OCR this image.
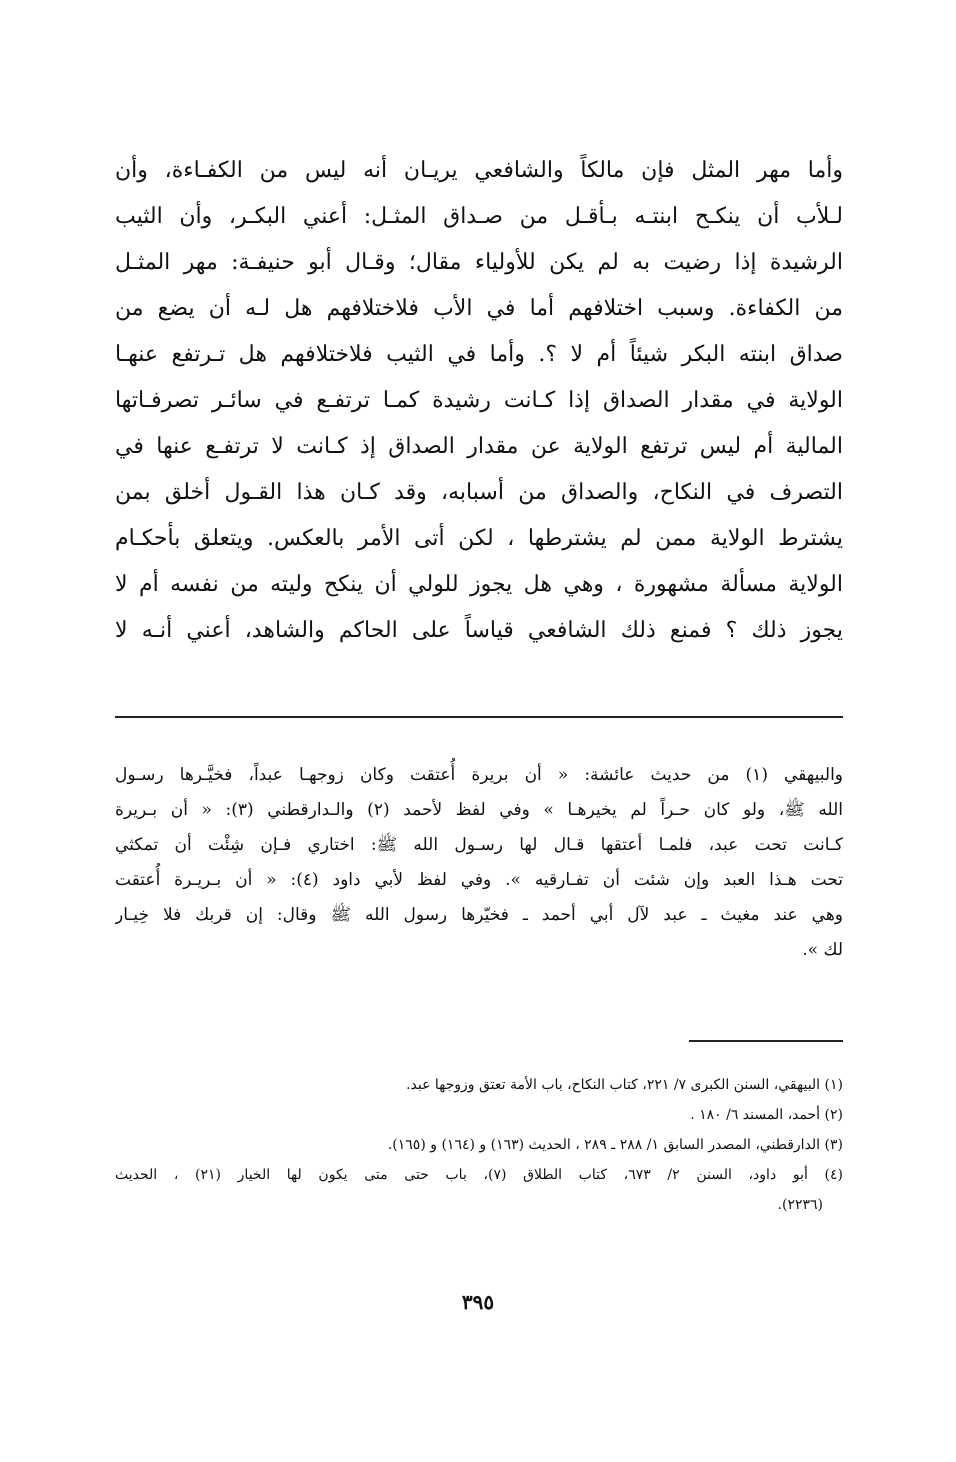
وأما مهر المثل فإن مالكاً والشافعي يريـان أنه ليس من الكفـاءة، وأن
لـلأب أن ينكـح ابنتـه بـأقـل من صـداق المثـل: أعني البكـر، وأن الثيب
الرشيدة إذا رضيت به لم يكن للأولياء مقال؛ وقـال أبو حنيفـة: مهر المثـل
من الكفاءة. وسبب اختلافهم أما في الأب فلاختلافهم هل لـه أن يضع من
صداق ابنته البكر شيئاً أم لا ؟. وأما في الثيب فلاختلافهم هل تـرتفع عنهـا
الولاية في مقدار الصداق إذا كـانت رشيدة كمـا ترتفـع في سائـر تصرفـاتها
المالية أم ليس ترتفع الولاية عن مقدار الصداق إذ كـانت لا ترتفـع عنها في
التصرف في النكاح، والصداق من أسبابه، وقد كـان هذا القـول أخلق بمن
يشترط الولاية ممن لم يشترطها ، لكن أتى الأمر بالعكس. ويتعلق بأحكـام
الولاية مسألة مشهورة ، وهي هل يجوز للولي أن ينكح وليته من نفسه أم لا
يجوز ذلك ؟ فمنع ذلك الشافعي قياساً على الحاكم والشاهد، أعني أنـه لا
والبيهقي (١) من حديث عائشة: « أن بريرة أُعتقت وكان زوجهـا عبداً، فخيَّـرها رسـول
الله ﷺ، ولو كان حـراً لم يخيرهـا » وفي لفظ لأحمد (٢) والـدارقطني (٣): « أن بـريرة
كـانت تحت عبد، فلمـا أعتقها قـال لها رسـول الله ﷺ: اختاري فـإن شِئْت أن تمكثي
تحت هـذا العبد وإن شئت أن تفـارقيه ». وفي لفظ لأبي داود (٤): « أن بـريـرة أُعتقت
وهي عند مغيث ـ عبد لآل أبي أحمد ـ فخيّرها رسول الله ﷺ وقال: إن قربك فلا خِيـار
لك ».
(١) البيهقي، السنن الكبرى ٧/ ٢٢١، كتاب النكاح، باب الأمة تعتق وزوجها عبد.
(٢) أحمد، المسند ٦/ ١٨٠ .
(٣) الدارقطني، المصدر السابق ١/ ٢٨٨ ـ ٢٨٩ ، الحديث (١٦٣) و (١٦٤) و (١٦٥).
(٤) أبو داود، السنن ٢/ ٦٧٣، كتاب الطلاق (٧)، باب حتى متى يكون لها الخيار (٢١) ، الحديث
(٢٢٣٦).
٣٩٥
